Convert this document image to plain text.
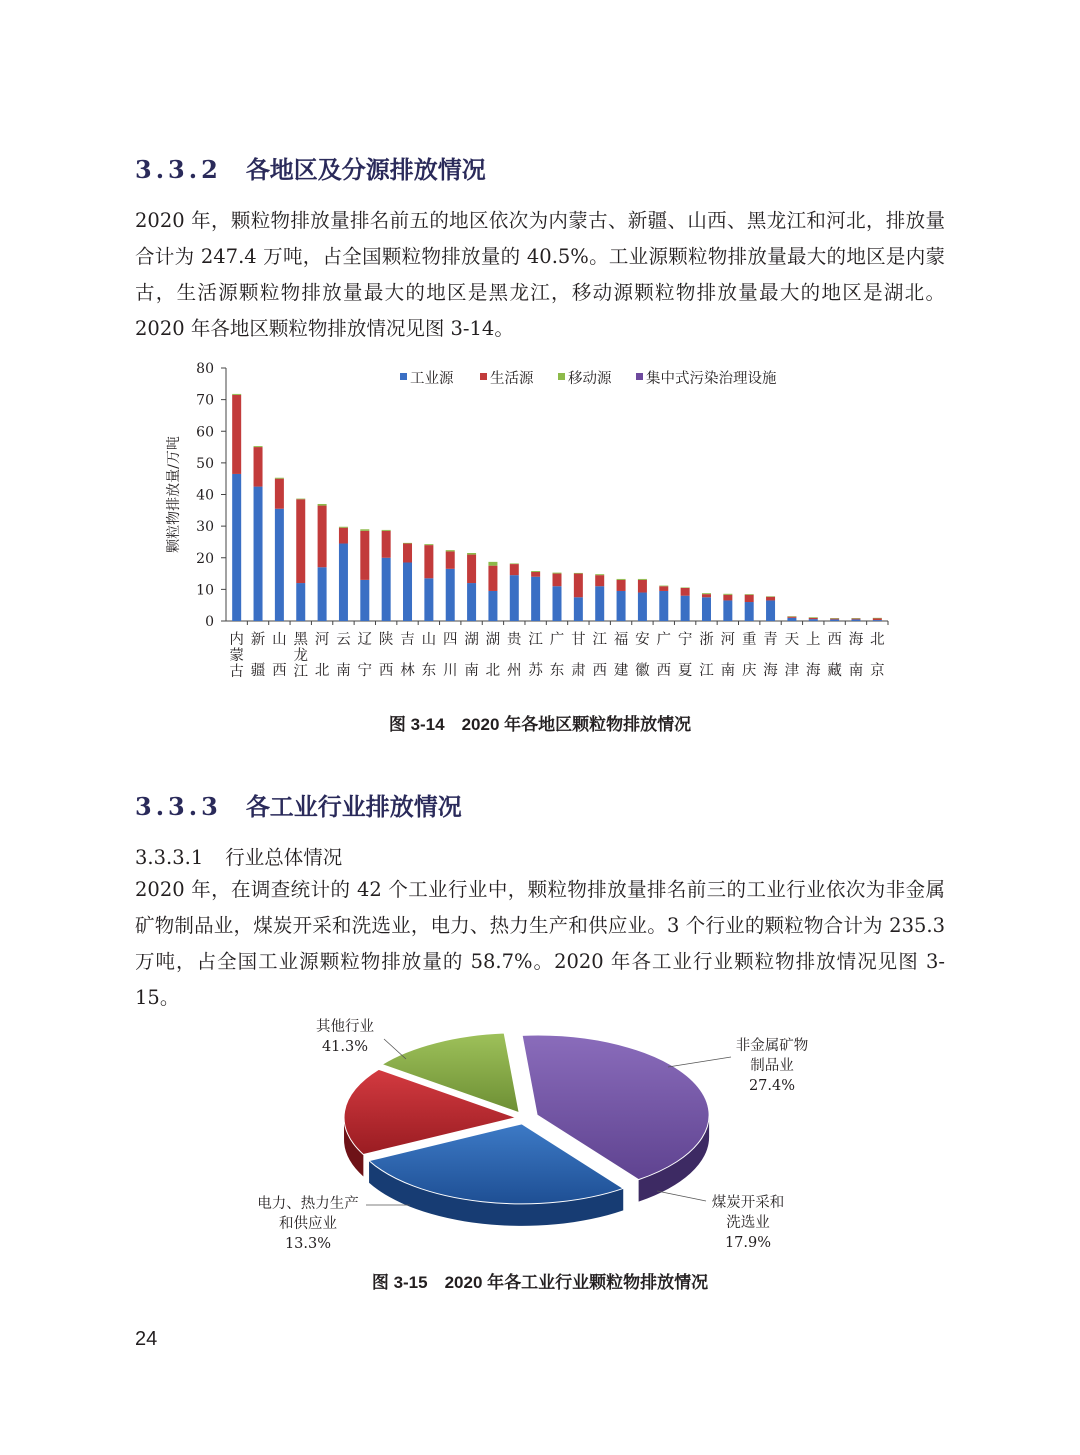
3.3.2 各地区及分源排放情况

2020 年，颗粒物排放量排名前五的地区依次为内蒙古、新疆、山西、黑龙江和河北，排放量合计为 247.4 万吨，占全国颗粒物排放量的 40.5%。工业源颗粒物排放量最大的地区是内蒙古，生活源颗粒物排放量最大的地区是黑龙江，移动源颗粒物排放量最大的地区是湖北。2020 年各地区颗粒物排放情况见图 3-14。

0
10
20
30
40
50
60
70
80
颗粒物排放量/万吨
内
蒙
古
新
疆
山
西
黑
龙
江
河
北
云
南
辽
宁
陕
西
吉
林
山
东
四
川
湖
南
湖
北
贵
州
江
苏
广
东
甘
肃
江
西
福
建
安
徽
广
西
宁
夏
浙
江
河
南
重
庆
青
海
天
津
上
海
西
藏
海
南
北
京
工业源	生活源 移动源 集中式污染治理设施

图 3-14　2020 年各地区颗粒物排放情况

3.3.3 各工业行业排放情况

3.3.3.1 行业总体情况

2020 年，在调查统计的 42 个工业行业中，颗粒物排放量排名前三的工业行业依次为非金属矿物制品业，煤炭开采和洗选业，电力、热力生产和供应业。3 个行业的颗粒物合计为 235.3 万吨，占全国工业源颗粒物排放量的 58.7%。2020 年各工业行业颗粒物排放情况见图 3-15。

其他行业
41.3%	非金属矿物
制品业
27.4%
煤炭开采和
洗选业
17.9%
电力、热力生产
和供应业
13.3%

图 3-15　2020 年各工业行业颗粒物排放情况

24
